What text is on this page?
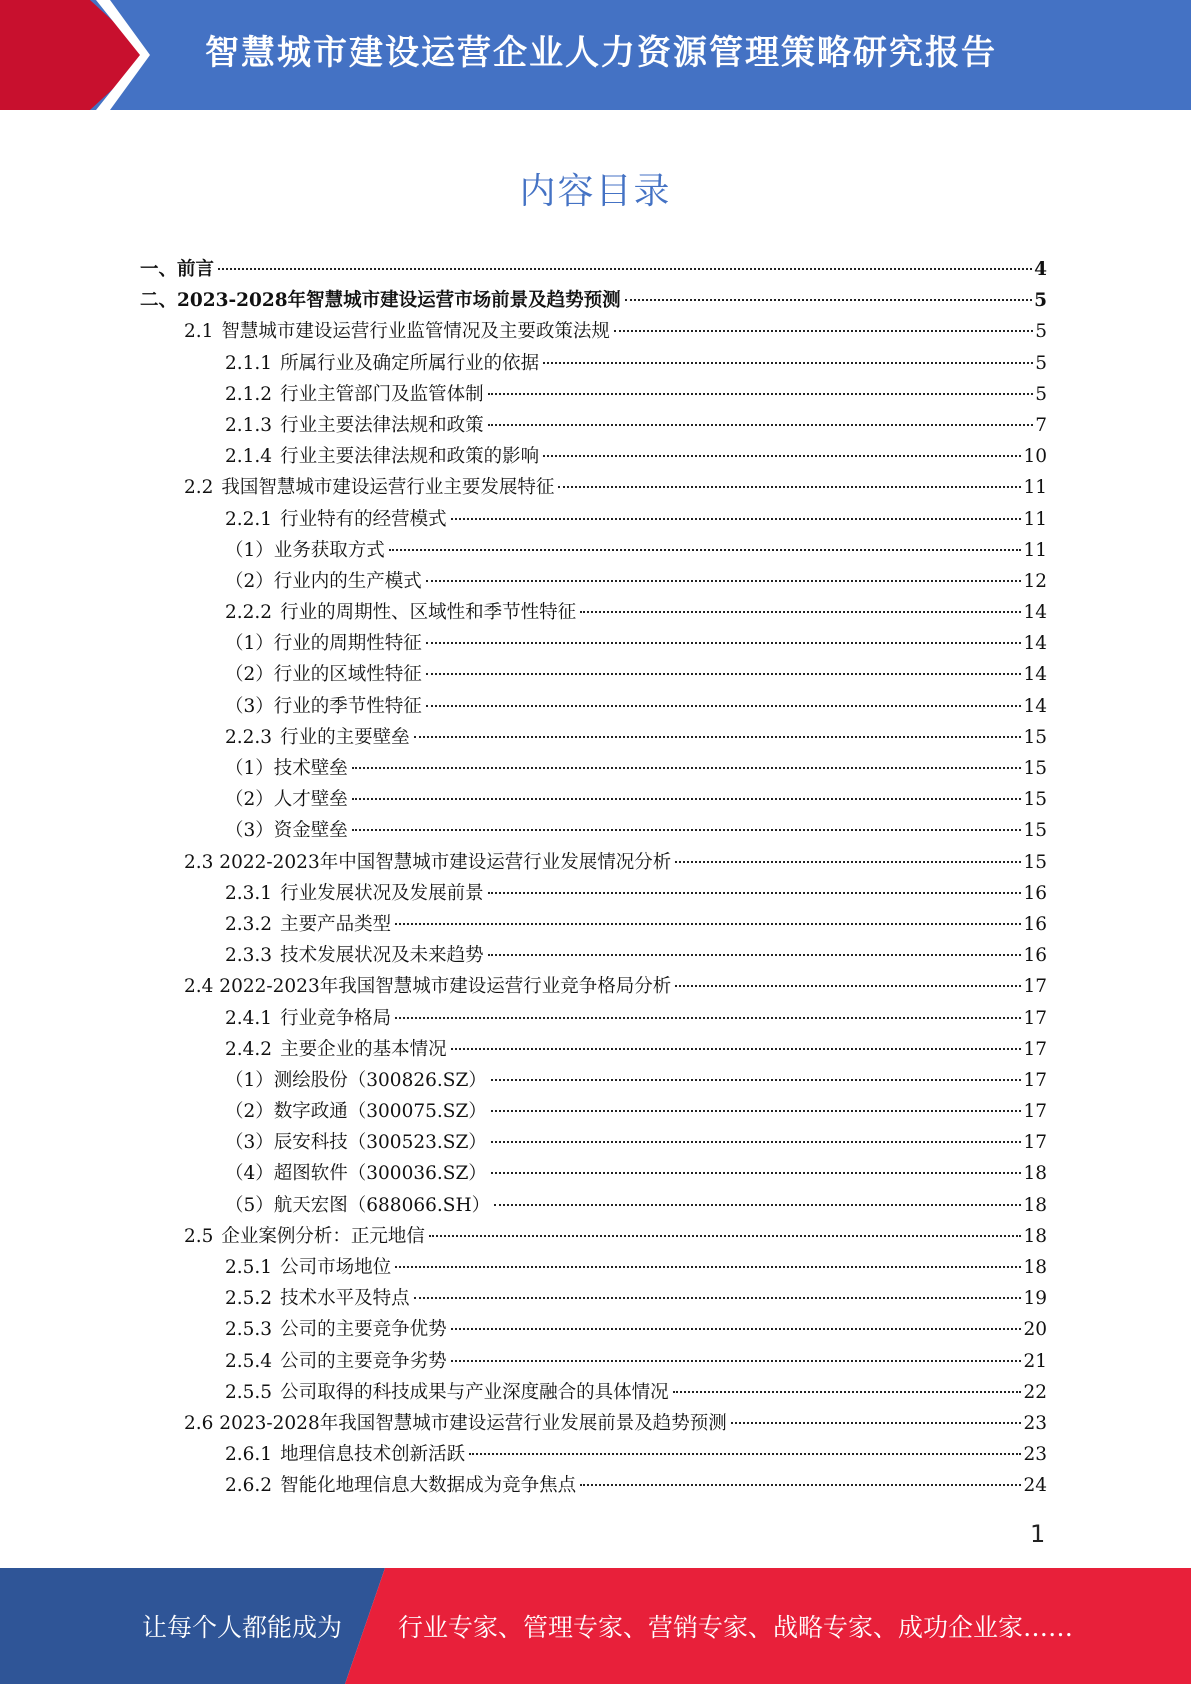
智慧城市建设运营企业人力资源管理策略研究报告
内容目录
一、前言	4
二、2023-2028年智慧城市建设运营市场前景及趋势预测	5
2.1 智慧城市建设运营行业监管情况及主要政策法规	5
2.1.1 所属行业及确定所属行业的依据	5
2.1.2 行业主管部门及监管体制	5
2.1.3 行业主要法律法规和政策	7
2.1.4 行业主要法律法规和政策的影响	10
2.2 我国智慧城市建设运营行业主要发展特征	11
2.2.1 行业特有的经营模式	11
（1）业务获取方式	11
（2）行业内的生产模式	12
2.2.2 行业的周期性、区域性和季节性特征	14
（1）行业的周期性特征	14
（2）行业的区域性特征	14
（3）行业的季节性特征	14
2.2.3 行业的主要壁垒	15
（1）技术壁垒	15
（2）人才壁垒	15
（3）资金壁垒	15
2.3 2022-2023年中国智慧城市建设运营行业发展情况分析	15
2.3.1 行业发展状况及发展前景	16
2.3.2 主要产品类型	16
2.3.3 技术发展状况及未来趋势	16
2.4 2022-2023年我国智慧城市建设运营行业竞争格局分析	17
2.4.1 行业竞争格局	17
2.4.2 主要企业的基本情况	17
（1）测绘股份（300826.SZ）	17
（2）数字政通（300075.SZ）	17
（3）辰安科技（300523.SZ）	17
（4）超图软件（300036.SZ）	18
（5）航天宏图（688066.SH）	18
2.5 企业案例分析：正元地信	18
2.5.1 公司市场地位	18
2.5.2 技术水平及特点	19
2.5.3 公司的主要竞争优势	20
2.5.4 公司的主要竞争劣势	21
2.5.5 公司取得的科技成果与产业深度融合的具体情况	22
2.6 2023-2028年我国智慧城市建设运营行业发展前景及趋势预测	23
2.6.1 地理信息技术创新活跃	23
2.6.2 智能化地理信息大数据成为竞争焦点	24
1
让每个人都能成为 行业专家、管理专家、营销专家、战略专家、成功企业家……
